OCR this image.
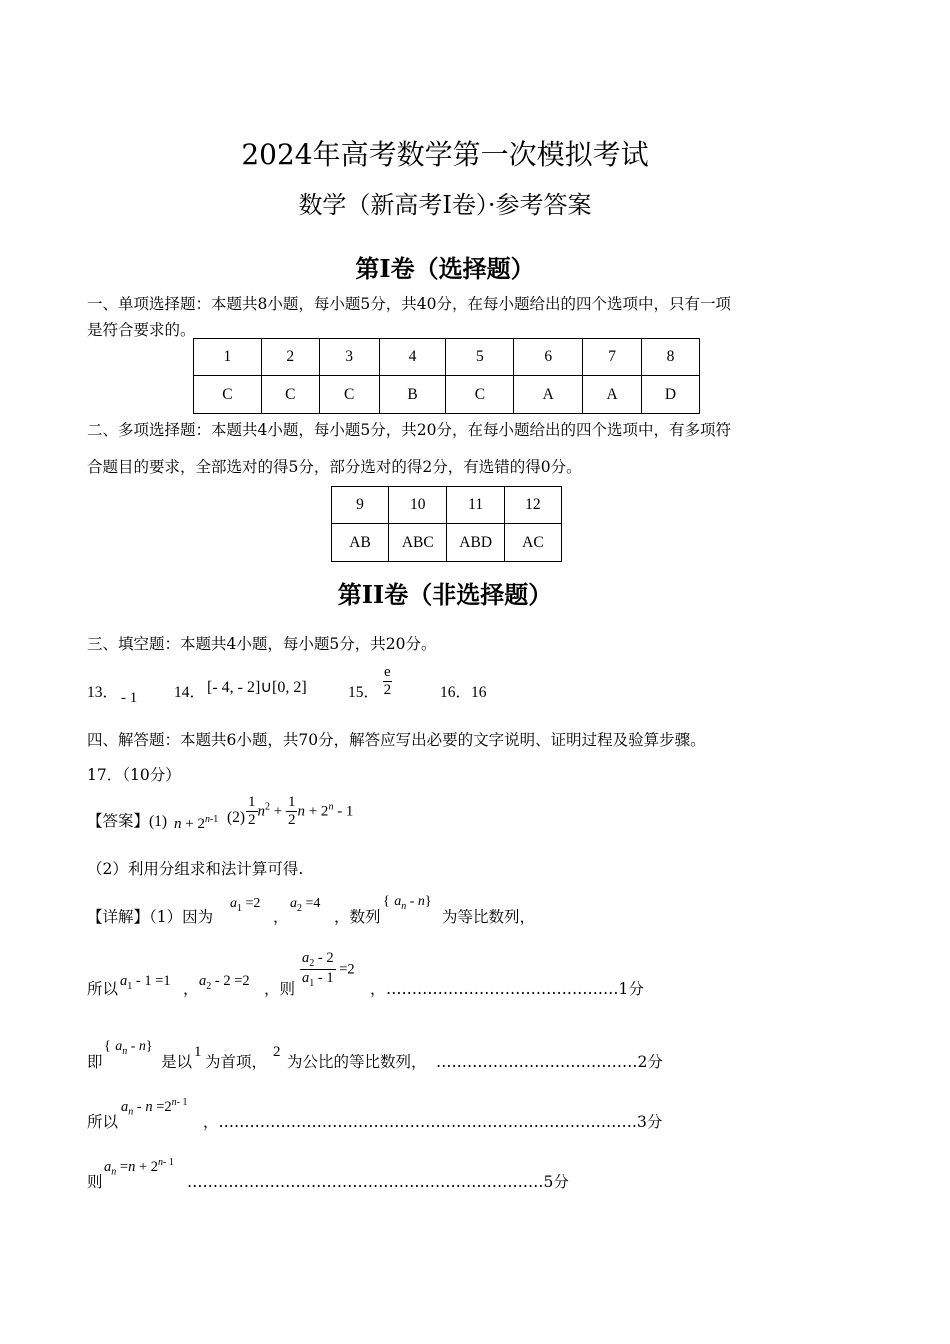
2024年高考数学第一次模拟考试
数学（新高考I卷）·参考答案
第I卷（选择题）
一、单项选择题：本题共8小题，每小题5分，共40分，在每小题给出的四个选项中，只有一项
是符合要求的。
1	2	3	4	5	6	7	8
C	C	C	B	C	A	A	D
二、多项选择题：本题共4小题，每小题5分，共20分，在每小题给出的四个选项中，有多项符
合题目的要求，全部选对的得5分，部分选对的得2分，有选错的得0分。
9	10	11	12
AB	ABC	ABD	AC
第II卷（非选择题）
三、填空题：本题共4小题，每小题5分，共20分。
13． - 1 14． [- 4, - 2]∪[0, 2]	15． $\frac{e}{2}$	16．16
四、解答题：本题共6小题，共70分，解答应写出必要的文字说明、证明过程及验算步骤。
17．（10分）
【答案】(1) $n + 2^{n-1}$ $(2) \frac{1}{2} n^2 + \frac{1}{2}$ $n + 2^n - 1$
（2）利用分组求和法计算可得.
【详解】（1）因为
$a_1 =2$
，
$a_2 =4$
，数列
{ $a_n - n$}
为等比数列，
所以 $a_1 - 1 =1$ ， $a_2 - 2 =2$ ，则
$\frac{a_2 - 2}{a_1 - 1} =2$
， ………………………………………1分
即
{ $a_n - n$}
是以
1
为首项，
2
为公比的等比数列， …………………………………2分
所以
$a_n - n =2^{n- 1}$
，………………………………………………………………………3分
则
$a_n =n + 2^{n- 1}$
……………………………………………………………5分
